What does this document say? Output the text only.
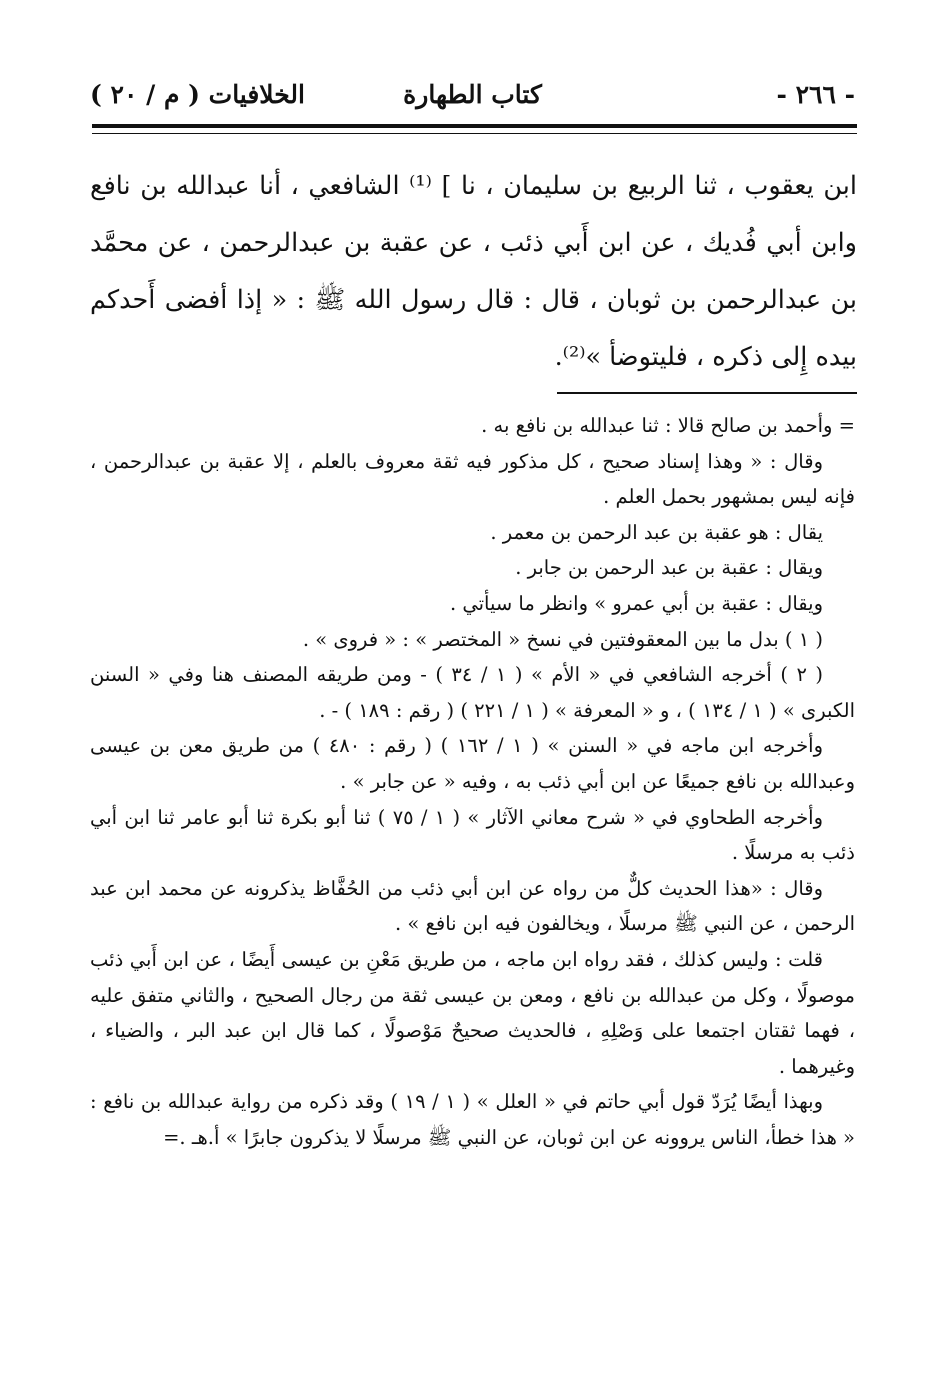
- ٢٦٦ -
كتاب الطهارة
الخلافيات ( م / ٢٠ )

ابن يعقوب ، ثنا الربيع بن سليمان ، نا ] ⁽¹⁾ الشافعي ، أنا عبدالله بن نافع وابن أبي فُديك ، عن ابن أَبي ذئب ، عن عقبة بن عبدالرحمن ، عن محمَّد بن عبدالرحمن بن ثوبان ، قال : قال رسول الله ﷺ : « إذا أفضى أَحدكم بيده إِلى ذكره ، فليتوضأ »⁽²⁾.

= وأحمد بن صالح قالا : ثنا عبدالله بن نافع به .

وقال : « وهذا إسناد صحيح ، كل مذكور فيه ثقة معروف بالعلم ، إلا عقبة بن عبدالرحمن ، فإنه ليس بمشهور بحمل العلم .

يقال : هو عقبة بن عبد الرحمن بن معمر .

ويقال : عقبة بن عبد الرحمن بن جابر .

ويقال : عقبة بن أبي عمرو » وانظر ما سيأتي .

( ١ ) بدل ما بين المعقوفتين في نسخ « المختصر » : « فروى » .

( ٢ ) أخرجه الشافعي في « الأم » ( ١ / ٣٤ ) - ومن طريقه المصنف هنا وفي « السنن الكبرى » ( ١ / ١٣٤ ) ، و « المعرفة » ( ١ / ٢٢١ ) ( رقم : ١٨٩ ) - .

وأخرجه ابن ماجه في « السنن » ( ١ / ١٦٢ ) ( رقم : ٤٨٠ ) من طريق معن بن عيسى وعبدالله بن نافع جميعًا عن ابن أبي ذئب به ، وفيه « عن جابر » .

وأخرجه الطحاوي في « شرح معاني الآثار » ( ١ / ٧٥ ) ثنا أبو بكرة ثنا أبو عامر ثنا ابن أبي ذئب به مرسلًا .

وقال : «هذا الحديث كلٌّ من رواه عن ابن أبي ذئب من الحُفَّاظ يذكرونه عن محمد ابن عبد الرحمن ، عن النبي ﷺ مرسلًا ، ويخالفون فيه ابن نافع » .

قلت : وليس كذلك ، فقد رواه ابن ماجه ، من طريق مَعْنِ بن عيسى أَيضًا ، عن ابن أَبي ذئب موصولًا ، وكل من عبدالله بن نافع ، ومعن بن عيسى ثقة من رجال الصحيح ، والثاني متفق عليه ، فهما ثقتان اجتمعا على وَصْلِهِ ، فالحديث صحيحٌ مَوْصولًا ، كما قال ابن عبد البر ، والضياء ، وغيرهما .

وبهذا أيضًا يُرَدّ قول أبي حاتم في « العلل » ( ١ / ١٩ ) وقد ذكره من رواية عبدالله بن نافع : « هذا خطأ، الناس يروونه عن ابن ثوبان، عن النبي ﷺ مرسلًا لا يذكرون جابرًا » أ.هـ .=
